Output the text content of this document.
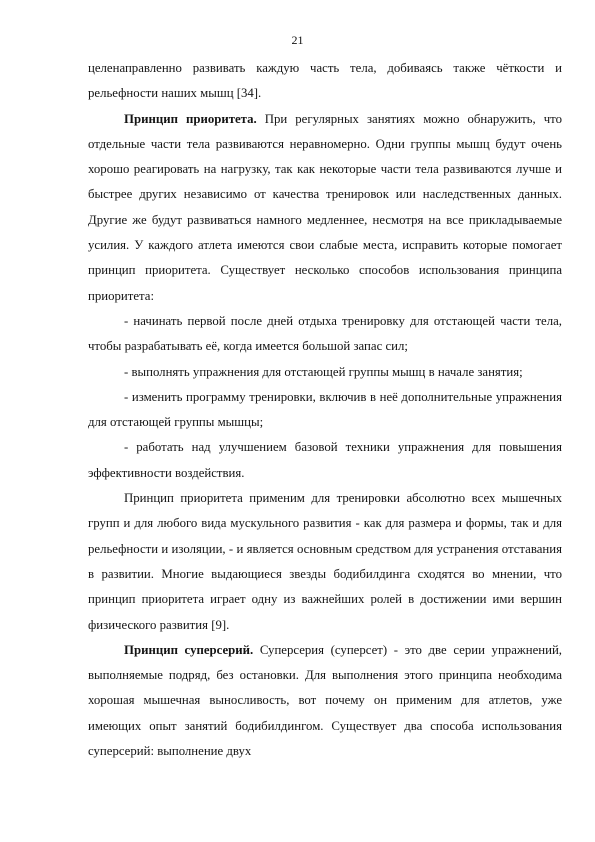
21

целенаправленно развивать каждую часть тела, добиваясь также чёткости и рельефности наших мышц [34].

Принцип приоритета. При регулярных занятиях можно обнаружить, что отдельные части тела развиваются неравномерно. Одни группы мышц будут очень хорошо реагировать на нагрузку, так как некоторые части тела развиваются лучше и быстрее других независимо от качества тренировок или наследственных данных. Другие же будут развиваться намного медленнее, несмотря на все прикладываемые усилия. У каждого атлета имеются свои слабые места, исправить которые помогает принцип приоритета. Существует несколько способов использования принципа приоритета:

- начинать первой после дней отдыха тренировку для отстающей части тела, чтобы разрабатывать её, когда имеется большой запас сил;

- выполнять упражнения для отстающей группы мышц в начале занятия;

- изменить программу тренировки, включив в неё дополнительные упражнения для отстающей группы мышцы;

- работать над улучшением базовой техники упражнения для повышения эффективности воздействия.

Принцип приоритета применим для тренировки абсолютно всех мышечных групп и для любого вида мускульного развития - как для размера и формы, так и для рельефности и изоляции, - и является основным средством для устранения отставания в развитии. Многие выдающиеся звезды бодибилдинга сходятся во мнении, что принцип приоритета играет одну из важнейших ролей в достижении ими вершин физического развития [9].

Принцип суперсерий. Суперсерия (суперсет) - это две серии упражнений, выполняемые подряд, без остановки. Для выполнения этого принципа необходима хорошая мышечная выносливость, вот почему он применим для атлетов, уже имеющих опыт занятий бодибилдингом. Существует два способа использования суперсерий: выполнение двух
